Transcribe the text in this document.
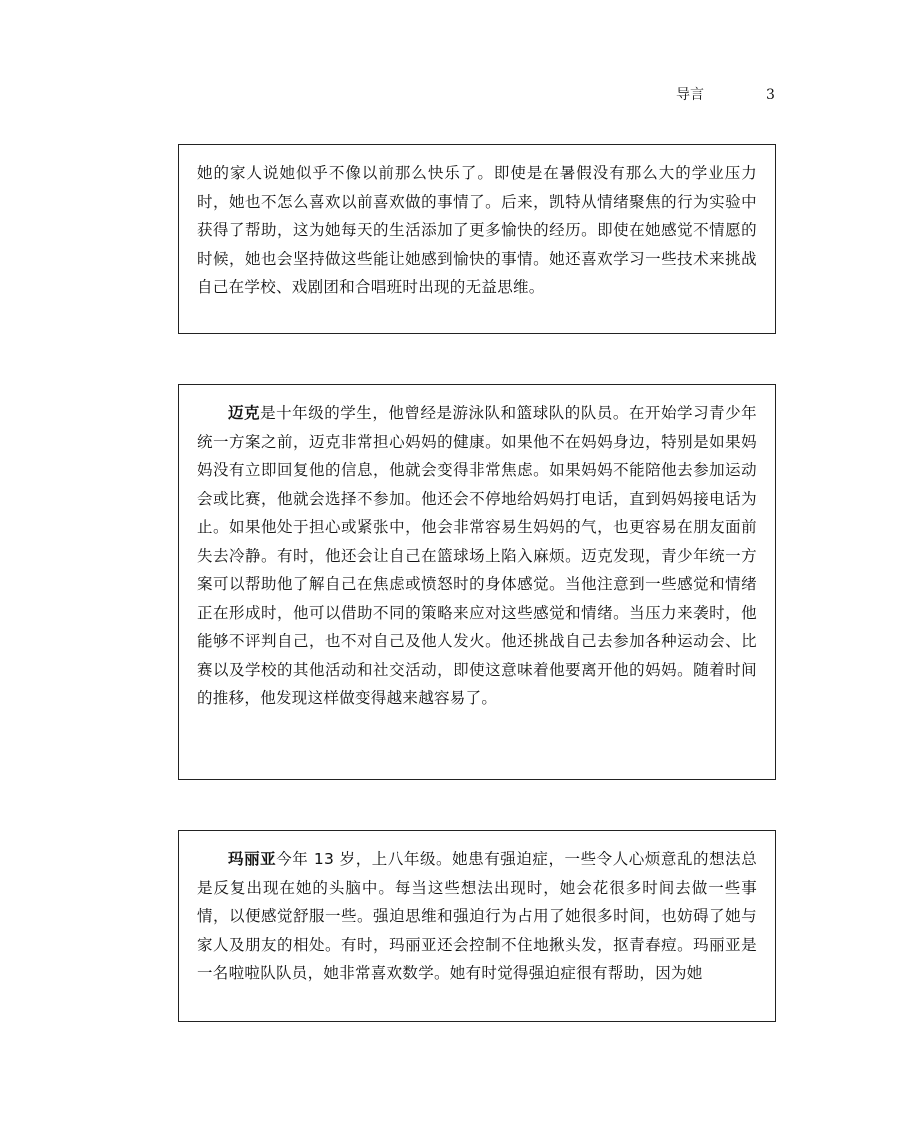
导言	3

她的家人说她似乎不像以前那么快乐了。即使是在暑假没有那么大的学业压力时，她也不怎么喜欢以前喜欢做的事情了。后来，凯特从情绪聚焦的行为实验中获得了帮助，这为她每天的生活添加了更多愉快的经历。即使在她感觉不情愿的时候，她也会坚持做这些能让她感到愉快的事情。她还喜欢学习一些技术来挑战自己在学校、戏剧团和合唱班时出现的无益思维。

迈克是十年级的学生，他曾经是游泳队和篮球队的队员。在开始学习青少年统一方案之前，迈克非常担心妈妈的健康。如果他不在妈妈身边，特别是如果妈妈没有立即回复他的信息，他就会变得非常焦虑。如果妈妈不能陪他去参加运动会或比赛，他就会选择不参加。他还会不停地给妈妈打电话，直到妈妈接电话为止。如果他处于担心或紧张中，他会非常容易生妈妈的气，也更容易在朋友面前失去冷静。有时，他还会让自己在篮球场上陷入麻烦。迈克发现，青少年统一方案可以帮助他了解自己在焦虑或愤怒时的身体感觉。当他注意到一些感觉和情绪正在形成时，他可以借助不同的策略来应对这些感觉和情绪。当压力来袭时，他能够不评判自己，也不对自己及他人发火。他还挑战自己去参加各种运动会、比赛以及学校的其他活动和社交活动，即使这意味着他要离开他的妈妈。随着时间的推移，他发现这样做变得越来越容易了。

玛丽亚今年 13 岁，上八年级。她患有强迫症，一些令人心烦意乱的想法总是反复出现在她的头脑中。每当这些想法出现时，她会花很多时间去做一些事情，以便感觉舒服一些。强迫思维和强迫行为占用了她很多时间，也妨碍了她与家人及朋友的相处。有时，玛丽亚还会控制不住地揪头发，抠青春痘。玛丽亚是一名啦啦队队员，她非常喜欢数学。她有时觉得强迫症很有帮助，因为她
